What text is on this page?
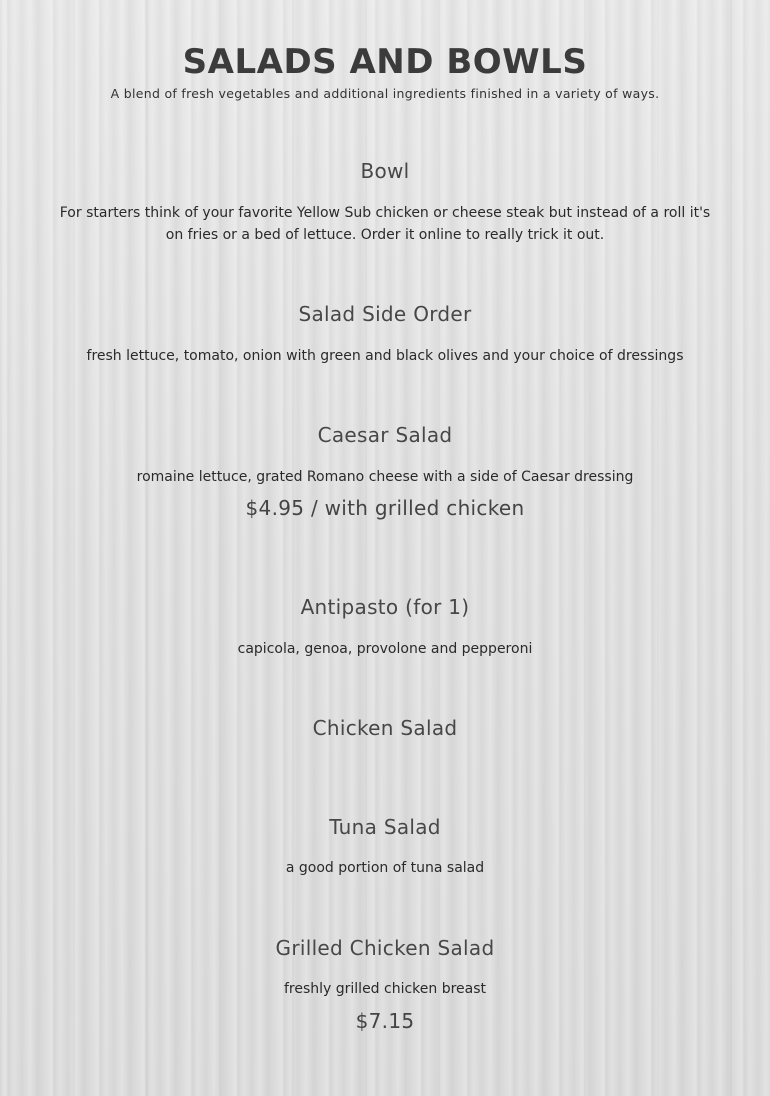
SALADS AND BOWLS

A blend of fresh vegetables and additional ingredients finished in a variety of ways.

Bowl

For starters think of your favorite Yellow Sub chicken or cheese steak but instead of a roll it's on fries or a bed of lettuce. Order it online to really trick it out.

Salad Side Order

fresh lettuce, tomato, onion with green and black olives and your choice of dressings

Caesar Salad

romaine lettuce, grated Romano cheese with a side of Caesar dressing

$4.95 / with grilled chicken

Antipasto (for 1)

capicola, genoa, provolone and pepperoni

Chicken Salad
Tuna Salad

a good portion of tuna salad

Grilled Chicken Salad

freshly grilled chicken breast

$7.15
